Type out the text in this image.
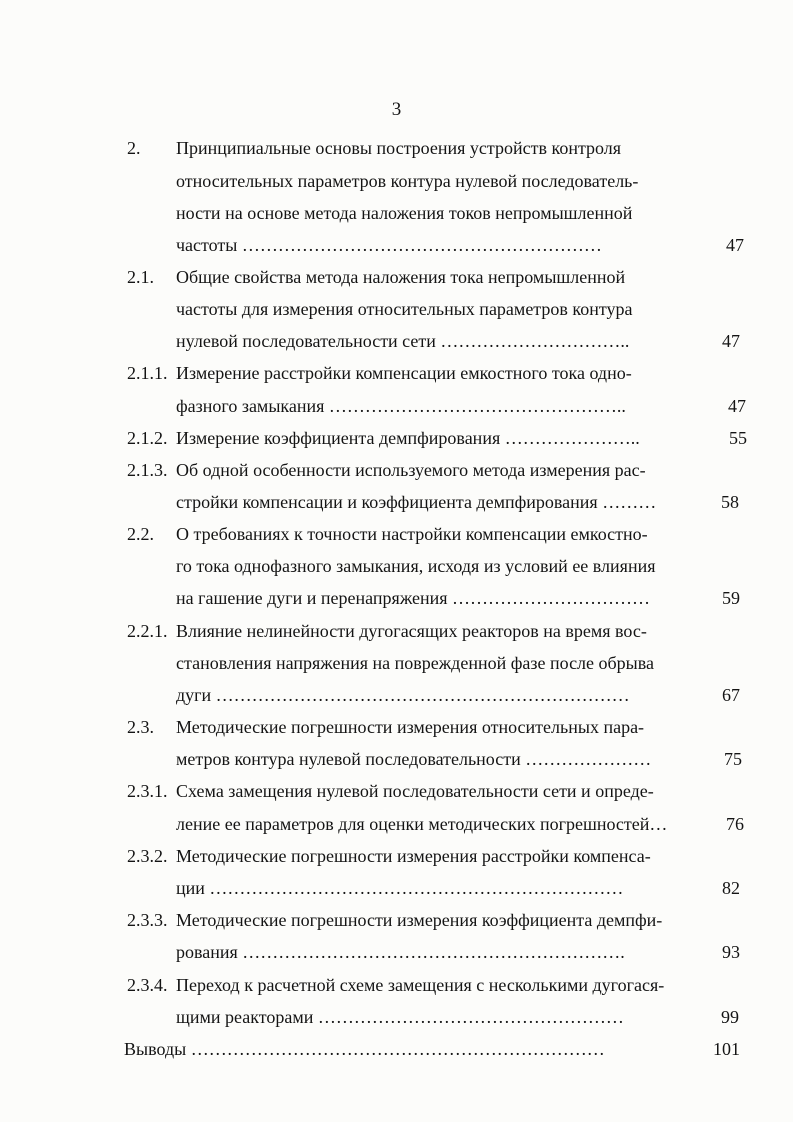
3
2. Принципиальные основы построения устройств контроля
относительных параметров контура нулевой последователь-
ности на основе метода наложения токов непромышленной
частоты ……………………………………………………	47
2.1. Общие свойства метода наложения тока непромышленной
частоты для измерения относительных параметров контура
нулевой последовательности сети …………………………..	47
2.1.1. Измерение расстройки компенсации емкостного тока одно-
фазного замыкания …………………………………………..	47
2.1.2. Измерение коэффициента демпфирования …………………..	55
2.1.3. Об одной особенности используемого метода измерения рас-
стройки компенсации и коэффициента демпфирования ………	58
2.2. О требованиях к точности настройки компенсации емкостно-
го тока однофазного замыкания, исходя из условий ее влияния
на гашение дуги и перенапряжения ……………………………	59
2.2.1. Влияние нелинейности дугогасящих реакторов на время вос-
становления напряжения на поврежденной фазе после обрыва
дуги ……………………………………………………………	67
2.3. Методические погрешности измерения относительных пара-
метров контура нулевой последовательности …………………	75
2.3.1. Схема замещения нулевой последовательности сети и опреде-
ление ее параметров для оценки методических погрешностей…	76
2.3.2. Методические погрешности измерения расстройки компенса-
ции ……………………………………………………………	82
2.3.3. Методические погрешности измерения коэффициента демпфи-
рования ……………………………………………………….	93
2.3.4. Переход к расчетной схеме замещения с несколькими дугогася-
щими реакторами ……………………………………………	99
Выводы ……………………………………………………………	101
